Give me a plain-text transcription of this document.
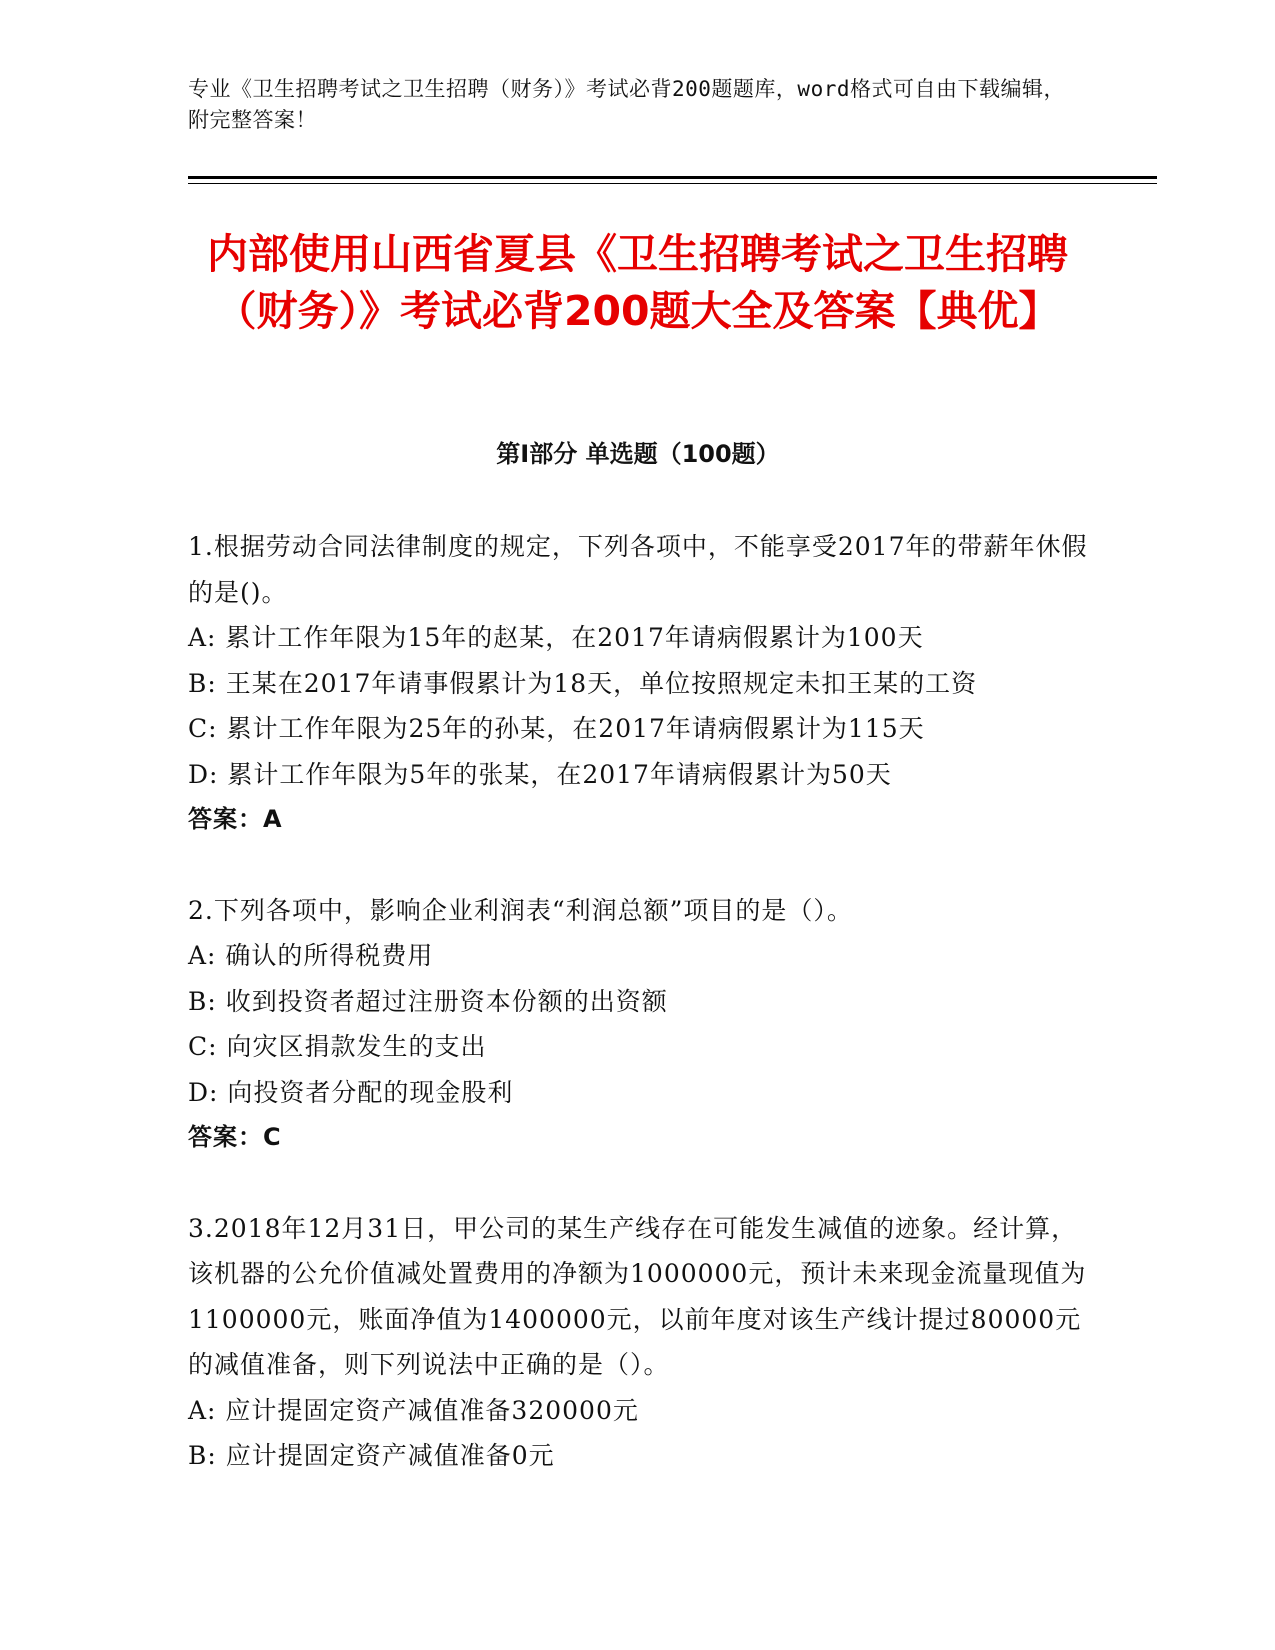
专业《卫生招聘考试之卫生招聘（财务）》考试必背200题题库，word格式可自由下载编辑，附完整答案！
内部使用山西省夏县《卫生招聘考试之卫生招聘（财务）》考试必背200题大全及答案【典优】
第I部分 单选题（100题）

1.根据劳动合同法律制度的规定，下列各项中，不能享受2017年的带薪年休假的是()。

A: 累计工作年限为15年的赵某，在2017年请病假累计为100天

B: 王某在2017年请事假累计为18天，单位按照规定未扣王某的工资

C: 累计工作年限为25年的孙某，在2017年请病假累计为115天

D: 累计工作年限为5年的张某，在2017年请病假累计为50天

答案：A

2.下列各项中，影响企业利润表“利润总额”项目的是（）。

A: 确认的所得税费用

B: 收到投资者超过注册资本份额的出资额

C: 向灾区捐款发生的支出

D: 向投资者分配的现金股利

答案：C

3.2018年12月31日，甲公司的某生产线存在可能发生减值的迹象。经计算，该机器的公允价值减处置费用的净额为1000000元，预计未来现金流量现值为1100000元，账面净值为1400000元，以前年度对该生产线计提过80000元的减值准备，则下列说法中正确的是（）。

A: 应计提固定资产减值准备320000元

B: 应计提固定资产减值准备0元
